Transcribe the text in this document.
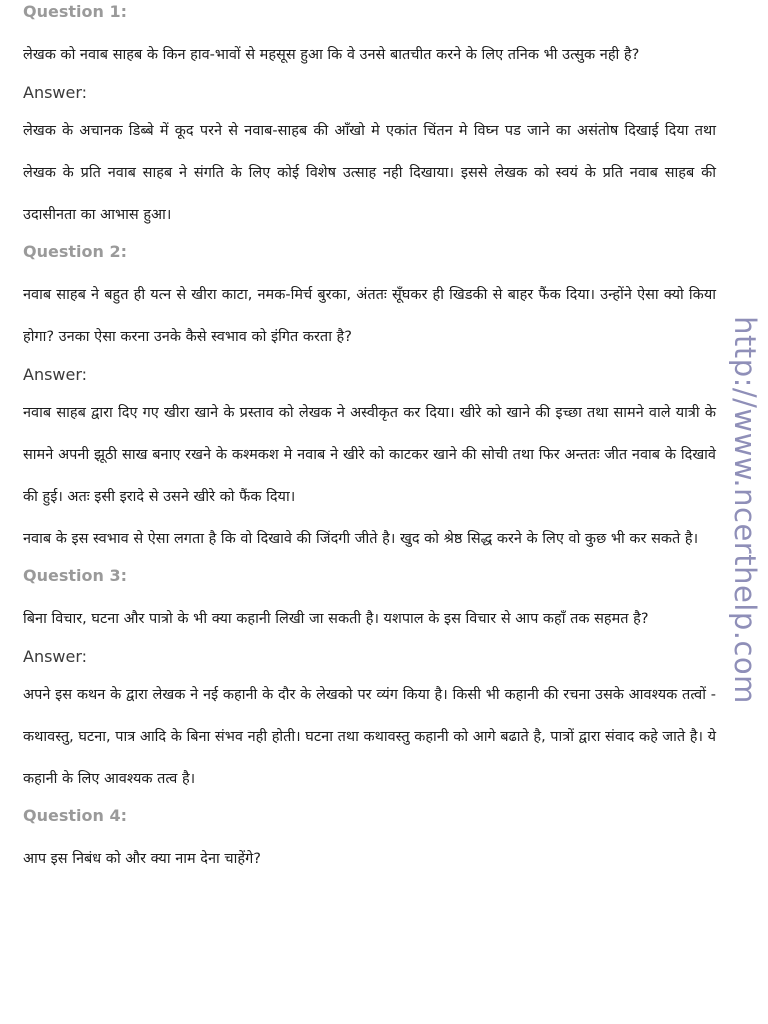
Question 1:

लेखक को नवाब साहब के किन हाव-भावों से महसूस हुआ कि वे उनसे बातचीत करने के लिए तनिक भी उत्सुक नही है?

Answer:

लेखक के अचानक डिब्बे में कूद परने से नवाब-साहब की आँखो मे एकांत चिंतन मे विघ्न पड जाने का असंतोष दिखाई दिया तथा लेखक के प्रति नवाब साहब ने संगति के लिए कोई विशेष उत्साह नही दिखाया। इससे लेखक को स्वयं के प्रति नवाब साहब की उदासीनता का आभास हुआ।

Question 2:

नवाब साहब ने बहुत ही यत्न से खीरा काटा, नमक-मिर्च बुरका, अंततः सूँघकर ही खिडकी से बाहर फैंक दिया। उन्होंने ऐसा क्यो किया होगा? उनका ऐसा करना उनके कैसे स्वभाव को इंगित करता है?

Answer:

नवाब साहब द्वारा दिए गए खीरा खाने के प्रस्ताव को लेखक ने अस्वीकृत कर दिया। खीरे को खाने की इच्छा तथा सामने वाले यात्री के सामने अपनी झूठी साख बनाए रखने के कश्मकश मे नवाब ने खीरे को काटकर खाने की सोची तथा फिर अन्ततः जीत नवाब के दिखावे की हुई। अतः इसी इरादे से उसने खीरे को फैंक दिया।

नवाब के इस स्वभाव से ऐसा लगता है कि वो दिखावे की जिंदगी जीते है। खुद को श्रेष्ठ सिद्ध करने के लिए वो कुछ भी कर सकते है।

Question 3:

बिना विचार, घटना और पात्रो के भी क्या कहानी लिखी जा सकती है। यशपाल के इस विचार से आप कहाँ तक सहमत है?

Answer:

अपने इस कथन के द्वारा लेखक ने नई कहानी के दौर के लेखको पर व्यंग किया है। किसी भी कहानी की रचना उसके आवश्यक तत्वों - कथावस्तु, घटना, पात्र आदि के बिना संभव नही होती। घटना तथा कथावस्तु कहानी को आगे बढाते है, पात्रों द्वारा संवाद कहे जाते है। ये कहानी के लिए आवश्यक तत्व है।

Question 4:

आप इस निबंध को और क्या नाम देना चाहेंगे?

http://www.ncerthelp.com
